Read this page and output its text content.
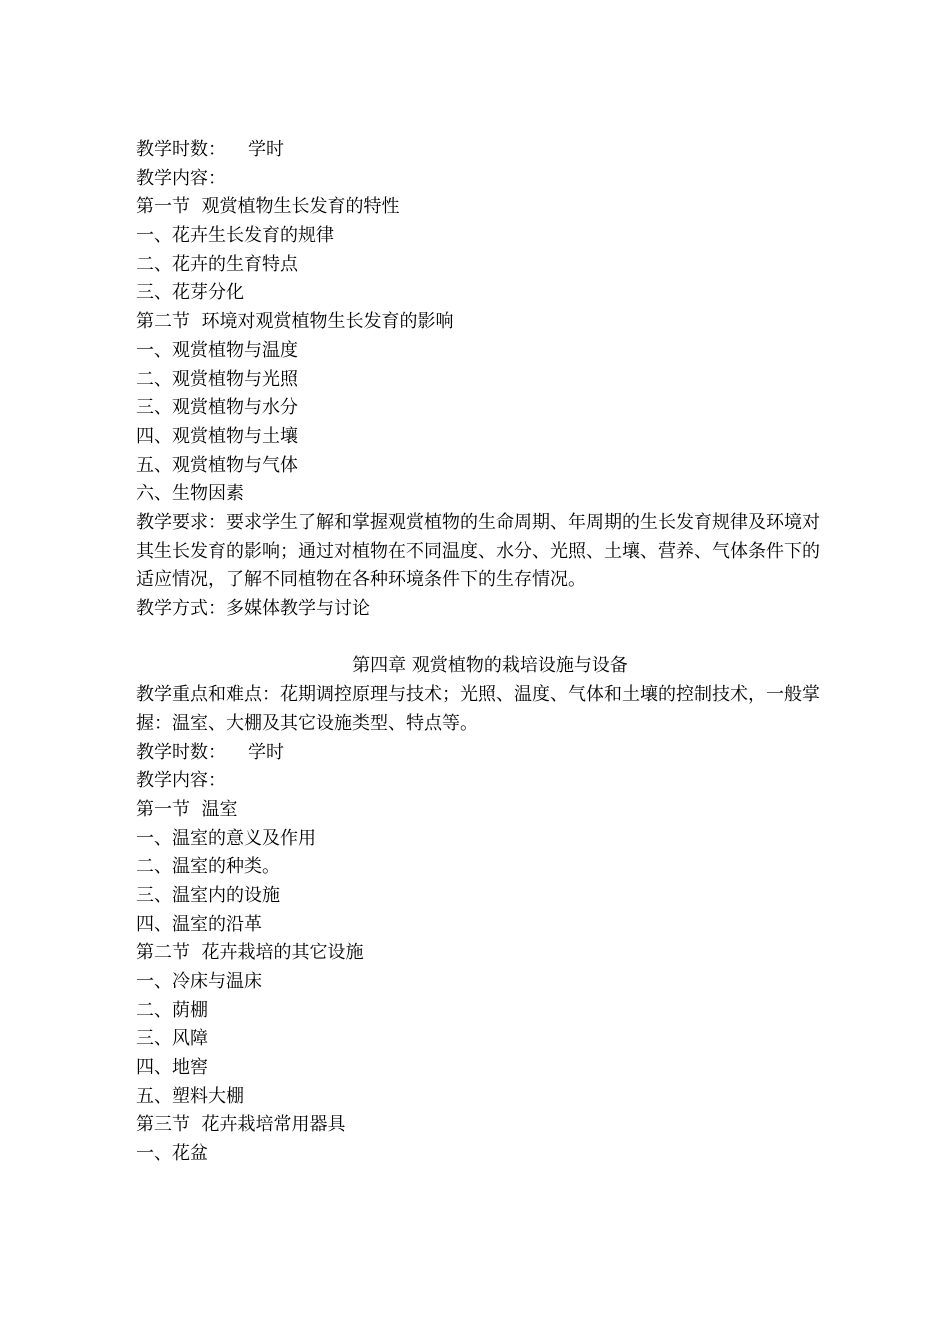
教学时数： 学时
教学内容：
第一节  观赏植物生长发育的特性
一、花卉生长发育的规律
二、花卉的生育特点
三、花芽分化
第二节  环境对观赏植物生长发育的影响
一、观赏植物与温度
二、观赏植物与光照
三、观赏植物与水分
四、观赏植物与土壤
五、观赏植物与气体
六、生物因素
教学要求：要求学生了解和掌握观赏植物的生命周期、年周期的生长发育规律及环境对其生长发育的影响；通过对植物在不同温度、水分、光照、土壤、营养、气体条件下的适应情况，了解不同植物在各种环境条件下的生存情况。
教学方式：多媒体教学与讨论
第四章 观赏植物的栽培设施与设备
教学重点和难点：花期调控原理与技术；光照、温度、气体和土壤的控制技术，一般掌握：温室、大棚及其它设施类型、特点等。
教学时数： 学时
教学内容：
第一节  温室
一、温室的意义及作用
二、温室的种类。
三、温室内的设施
四、温室的沿革
第二节  花卉栽培的其它设施
一、冷床与温床
二、荫棚
三、风障
四、地窖
五、塑料大棚
第三节  花卉栽培常用器具
一、花盆
